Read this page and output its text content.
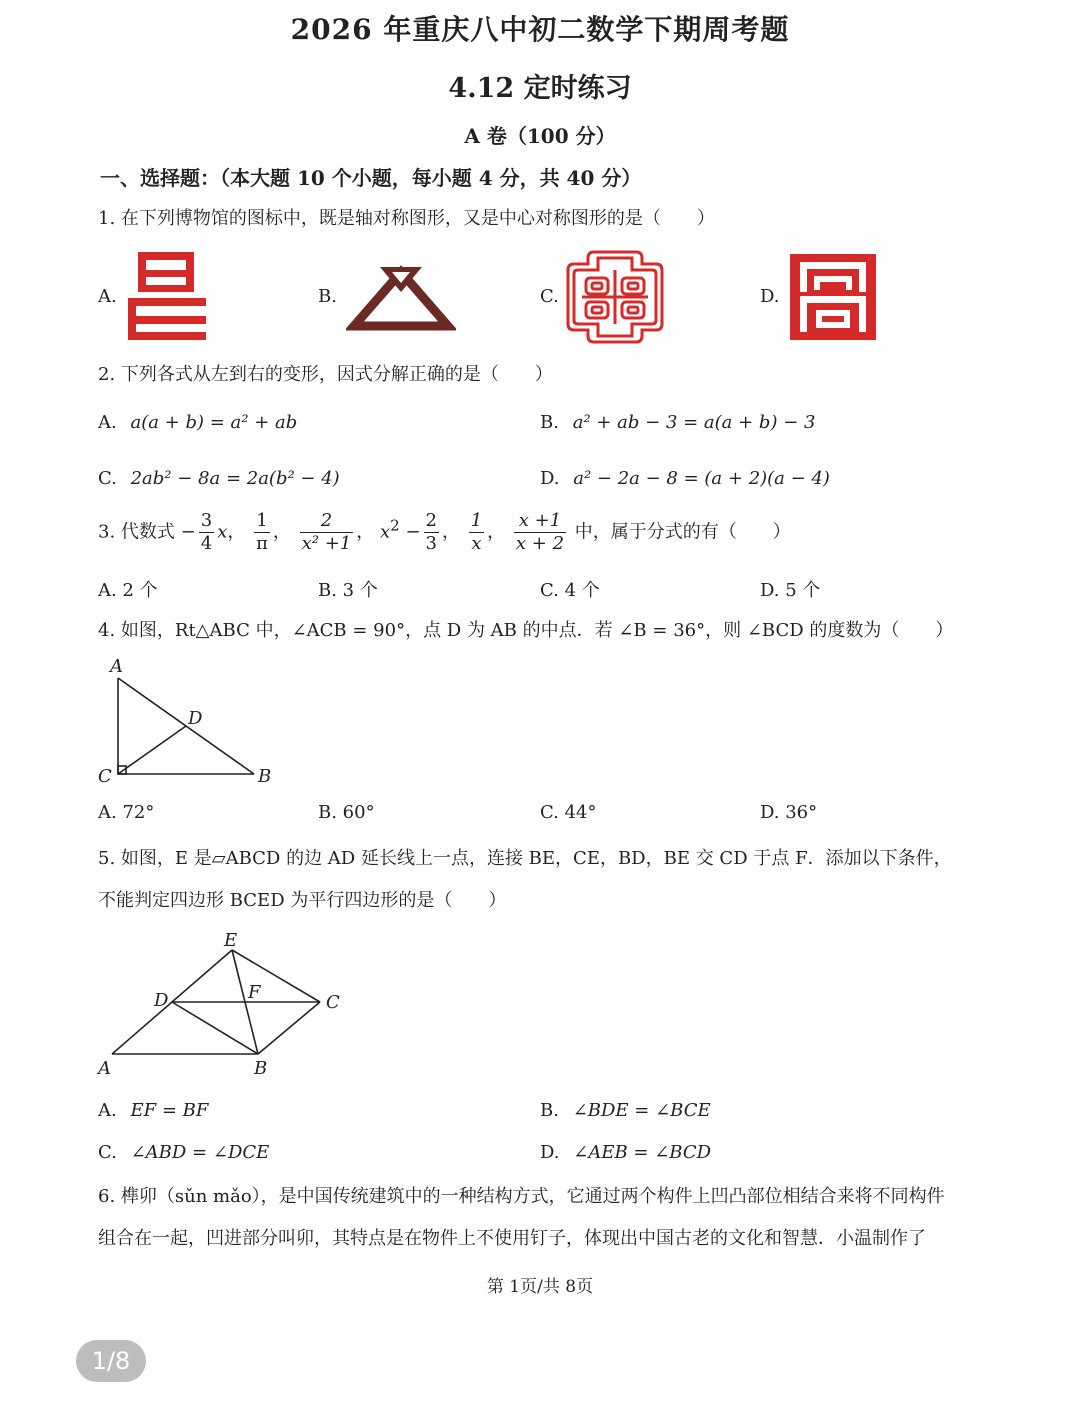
2026 年重庆八中初二数学下期周考题
4.12 定时练习
A 卷（100 分）
一、选择题：（本大题 10 个小题，每小题 4 分，共 40 分）
1. 在下列博物馆的图标中，既是轴对称图形，又是中心对称图形的是（　　）
A.	B.	C.	D.
2. 下列各式从左到右的变形，因式分解正确的是（　　）
A. a(a + b) = a² + ab	B. a² + ab − 3 = a(a + b) − 3
C. 2ab² − 8a = 2a(b² − 4)	D. a² − 2a − 8 = (a + 2)(a − 4)
3. 代数式 − $\frac{3}{4}$ x， $\frac{1}{\pi}$ ， $\frac{2}{\text{x² +1}}$ ， $x^2 - \frac{2}{3}$ ， $\frac{1}{x}$ ， $\frac{x +1}{x + 2}$ 中，属于分式的有（　　）
A. 2 个	B. 3 个	C. 4 个	D. 5 个
4. 如图，Rt△ABC 中，∠ACB = 90°，点 D 为 AB 的中点．若 ∠B = 36°，则 ∠BCD 的度数为（　　）
A
D
C	B
A. 72°	B. 60°	C. 44°	D. 36°
5. 如图，E 是▱ABCD 的边 AD 延长线上一点，连接 BE，CE，BD，BE 交 CD 于点 F．添加以下条件，
不能判定四边形 BCED 为平行四边形的是（　　）
E
D	F	C
A	B
A. EF = BF	B. ∠BDE = ∠BCE
C. ∠ABD = ∠DCE	D. ∠AEB = ∠BCD
6. 榫卯（sǔn mǎo），是中国传统建筑中的一种结构方式，它通过两个构件上凹凸部位相结合来将不同构件
组合在一起，凹进部分叫卯，其特点是在物件上不使用钉子，体现出中国古老的文化和智慧．小温制作了
第 1页/共 8页
1/8
